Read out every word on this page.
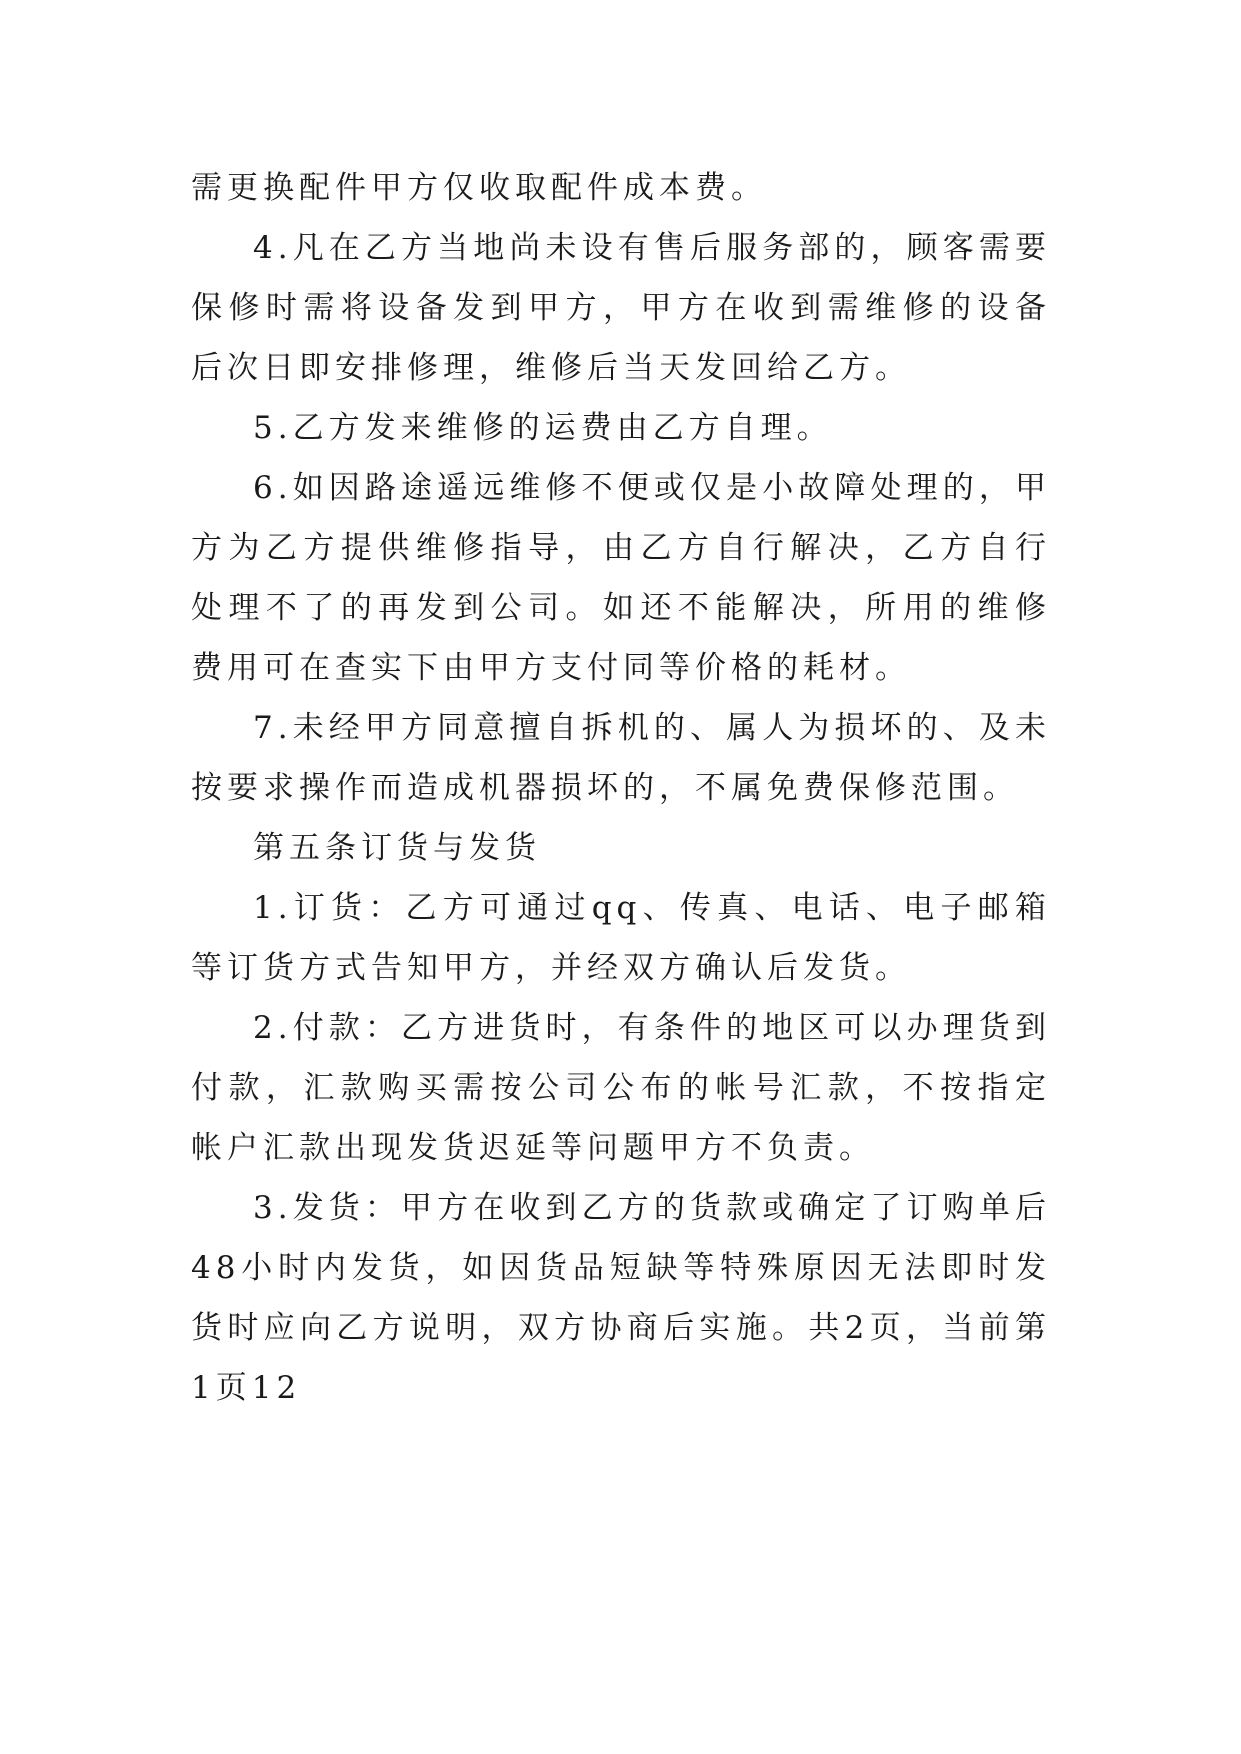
需更换配件甲方仅收取配件成本费。

4.凡在乙方当地尚未设有售后服务部的，顾客需要保修时需将设备发到甲方，甲方在收到需维修的设备后次日即安排修理，维修后当天发回给乙方。

5.乙方发来维修的运费由乙方自理。

6.如因路途遥远维修不便或仅是小故障处理的，甲方为乙方提供维修指导，由乙方自行解决，乙方自行处理不了的再发到公司。如还不能解决，所用的维修费用可在查实下由甲方支付同等价格的耗材。

7.未经甲方同意擅自拆机的、属人为损坏的、及未按要求操作而造成机器损坏的，不属免费保修范围。

第五条订货与发货

1.订货：乙方可通过qq、传真、电话、电子邮箱等订货方式告知甲方，并经双方确认后发货。

2.付款：乙方进货时，有条件的地区可以办理货到付款，汇款购买需按公司公布的帐号汇款，不按指定帐户汇款出现发货迟延等问题甲方不负责。

3.发货：甲方在收到乙方的货款或确定了订购单后48小时内发货，如因货品短缺等特殊原因无法即时发货时应向乙方说明，双方协商后实施。共2页，当前第1页12
